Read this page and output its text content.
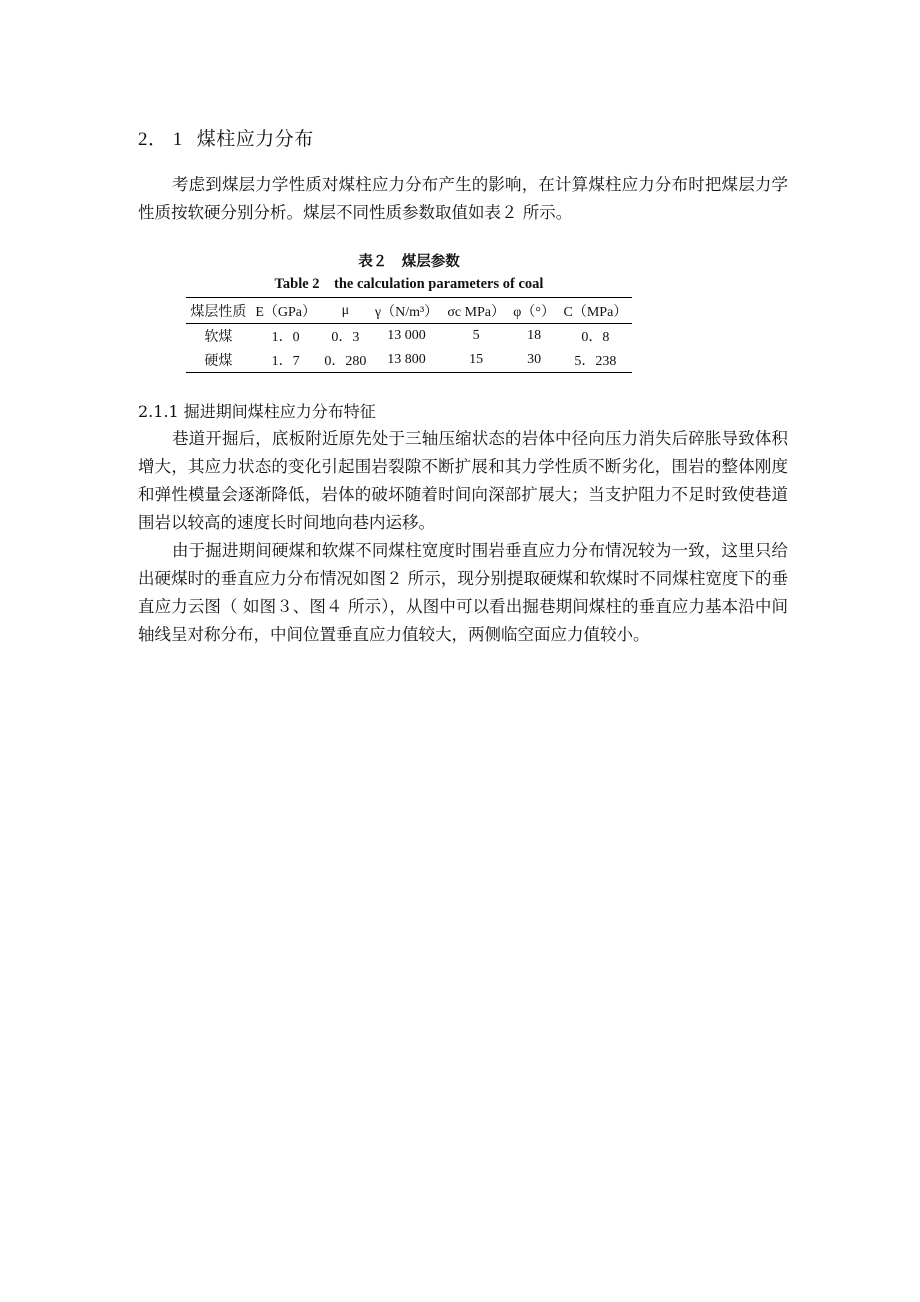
2． 1 煤柱应力分布

考虑到煤层力学性质对煤柱应力分布产生的影响，在计算煤柱应力分布时把煤层力学性质按软硬分别分析。煤层不同性质参数取值如表２ 所示。

表２　煤层参数
Table 2　the calculation parameters of coal
煤层性质	E（GPa）	μ	γ（N/m³）	σc MPa）	φ（°）	C（MPa）
软煤	1．0	0．3	13 000	5	18	0．8
硬煤	1．7	0．280	13 800	15	30	5．238
2.1.1 掘进期间煤柱应力分布特征

巷道开掘后，底板附近原先处于三轴压缩状态的岩体中径向压力消失后碎胀导致体积增大，其应力状态的变化引起围岩裂隙不断扩展和其力学性质不断劣化，围岩的整体刚度和弹性模量会逐渐降低，岩体的破坏随着时间向深部扩展大；当支护阻力不足时致使巷道围岩以较高的速度长时间地向巷内运移。

由于掘进期间硬煤和软煤不同煤柱宽度时围岩垂直应力分布情况较为一致，这里只给出硬煤时的垂直应力分布情况如图２ 所示，现分别提取硬煤和软煤时不同煤柱宽度下的垂直应力云图（ 如图３、图４ 所示），从图中可以看出掘巷期间煤柱的垂直应力基本沿中间轴线呈对称分布，中间位置垂直应力值较大，两侧临空面应力值较小。
